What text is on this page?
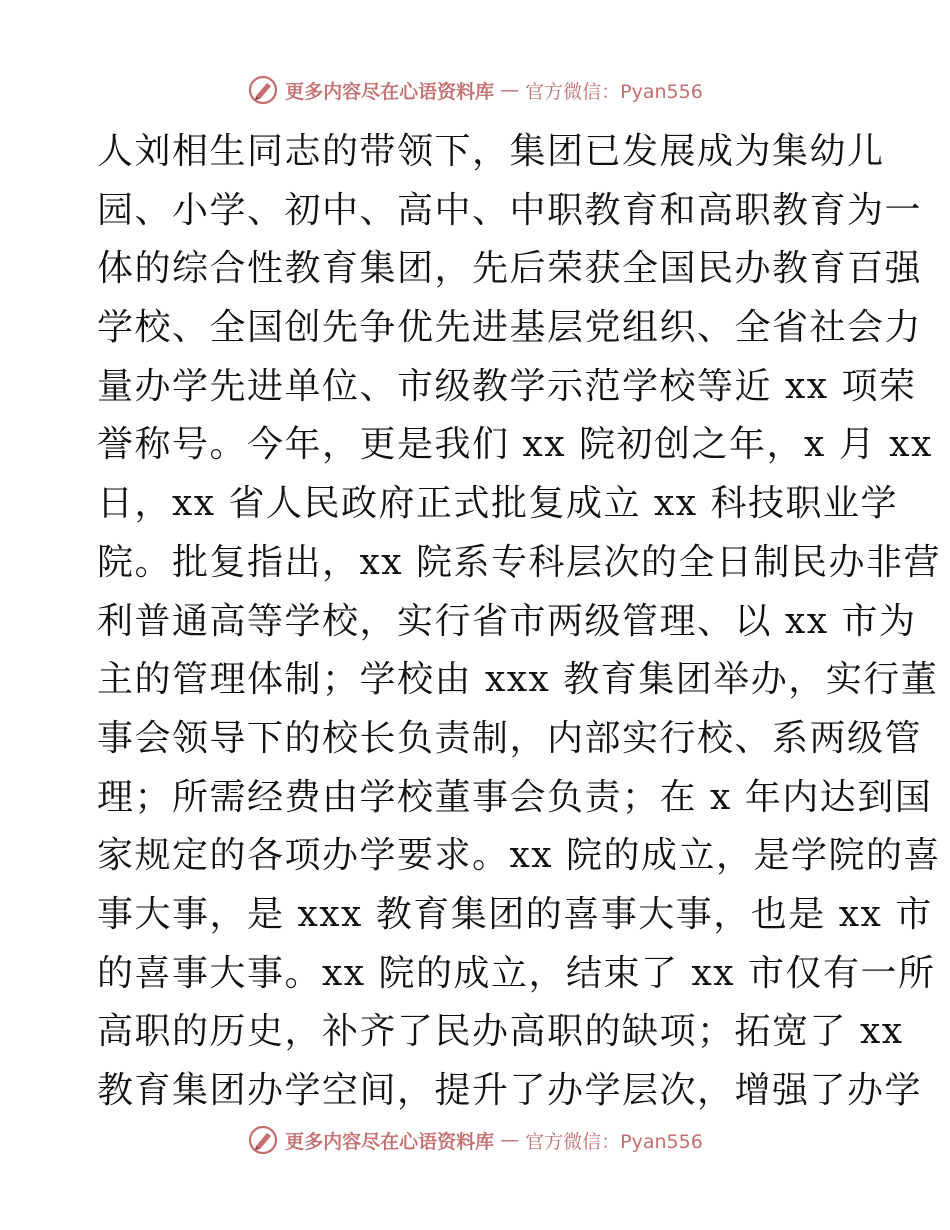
更多内容尽在心语资料库 — 官方微信：Pyan556
人刘相生同志的带领下，集团已发展成为集幼儿
园、小学、初中、高中、中职教育和高职教育为一
体的综合性教育集团，先后荣获全国民办教育百强
学校、全国创先争优先进基层党组织、全省社会力
量办学先进单位、市级教学示范学校等近 xx 项荣
誉称号。今年，更是我们 xx 院初创之年，x 月 xx
日，xx 省人民政府正式批复成立 xx 科技职业学
院。批复指出，xx 院系专科层次的全日制民办非营
利普通高等学校，实行省市两级管理、以 xx 市为
主的管理体制；学校由 xxx 教育集团举办，实行董
事会领导下的校长负责制，内部实行校、系两级管
理；所需经费由学校董事会负责；在 x 年内达到国
家规定的各项办学要求。xx 院的成立，是学院的喜
事大事，是 xxx 教育集团的喜事大事，也是 xx 市
的喜事大事。xx 院的成立，结束了 xx 市仅有一所
高职的历史，补齐了民办高职的缺项；拓宽了 xx
教育集团办学空间，提升了办学层次，增强了办学
更多内容尽在心语资料库 — 官方微信：Pyan556
